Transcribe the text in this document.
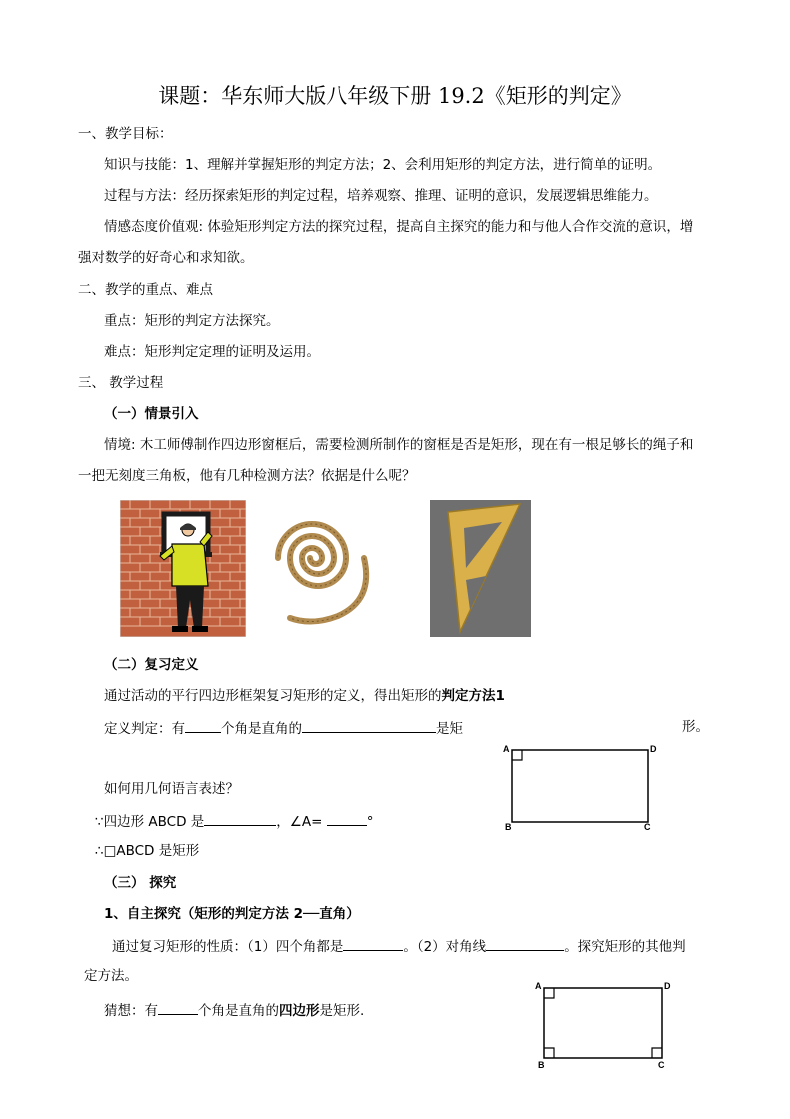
课题：华东师大版八年级下册 19.2《矩形的判定》
一、教学目标：
知识与技能：1、理解并掌握矩形的判定方法；2、会利用矩形的判定方法，进行简单的证明。
过程与方法：经历探索矩形的判定过程，培养观察、推理、证明的意识，发展逻辑思维能力。
情感态度价值观: 体验矩形判定方法的探究过程，提高自主探究的能力和与他人合作交流的意识，增
强对数学的好奇心和求知欲。
二、教学的重点、难点
重点：矩形的判定方法探究。
难点：矩形判定定理的证明及运用。
三、 教学过程
（一）情景引入
情境: 木工师傅制作四边形窗框后，需要检测所制作的窗框是否是矩形，现在有一根足够长的绳子和
一把无刻度三角板，他有几种检测方法？依据是什么呢？
（二）复习定义
通过活动的平行四边形框架复习矩形的定义，得出矩形的判定方法1
定义判定：有	个角是直角的	是矩	形。
A	D
B	C
如何用几何语言表述？
∵四边形 ABCD 是	，∠A=	°
∴□ABCD 是矩形
（三） 探究
1、自主探究（矩形的判定方法 2──直角）
通过复习矩形的性质：（1）四个角都是	。（2）对角线	。探究矩形的其他判
定方法。
猜想：有	个角是直角的四边形是矩形.
A	D
B	C
